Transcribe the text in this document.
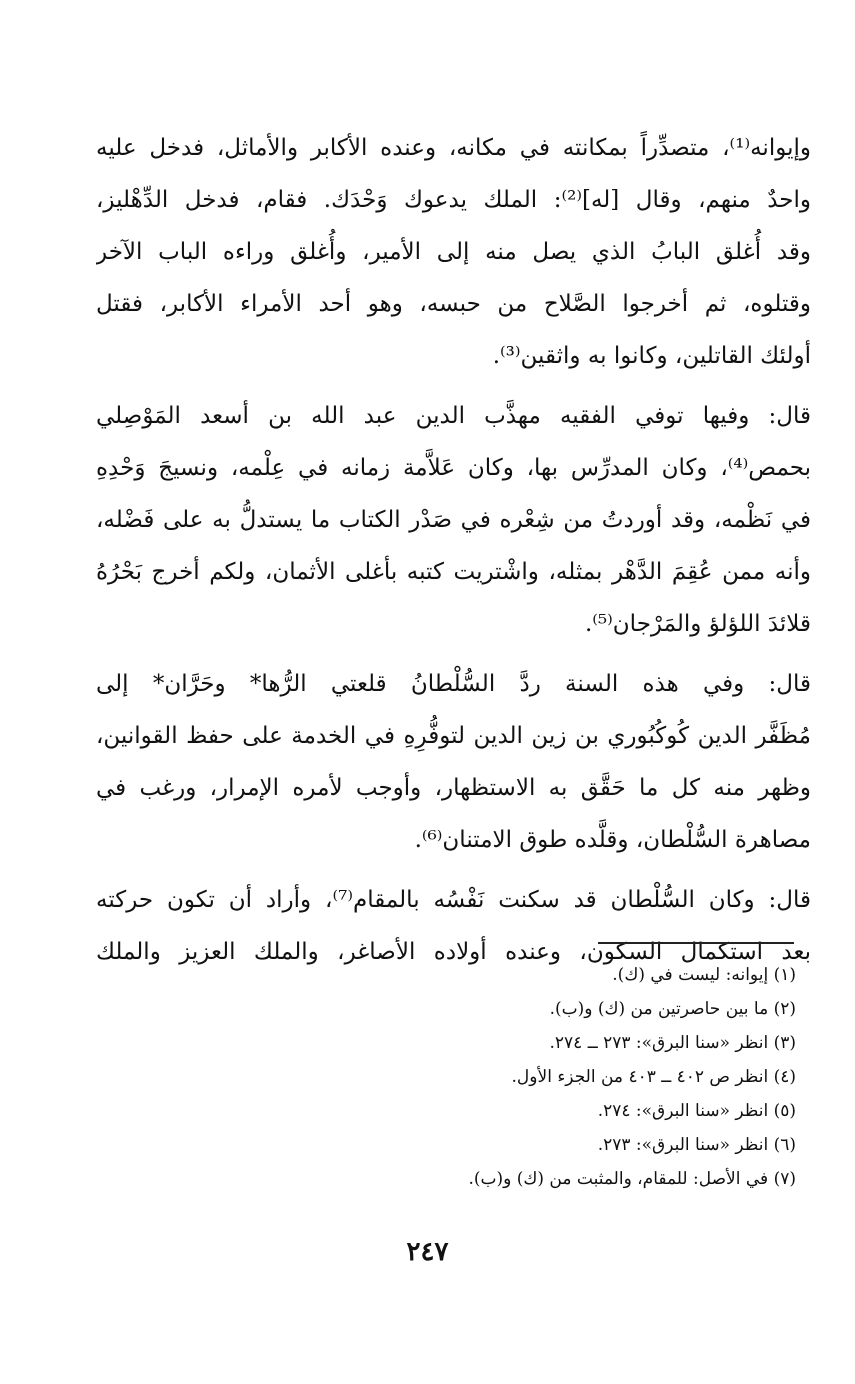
وإيوانه⁽¹⁾، متصدِّراً بمكانته في مكانه، وعنده الأكابر والأماثل، فدخل عليه
واحدٌ منهم، وقال [له]⁽²⁾: الملك يدعوك وَحْدَك. فقام، فدخل الدِّهْليز،
وقد أُغلق البابُ الذي يصل منه إلى الأمير، وأُغلق وراءه الباب الآخر
وقتلوه، ثم أخرجوا الصَّلاح من حبسه، وهو أحد الأمراء الأكابر، فقتل
أولئك القاتلين، وكانوا به واثقين⁽³⁾.
قال: وفيها توفي الفقيه مهذَّب الدين عبد الله بن أسعد المَوْصِلي
بحمص⁽⁴⁾، وكان المدرِّس بها، وكان عَلاَّمة زمانه في عِلْمه، ونسيجَ وَحْدِهِ
في نَظْمه، وقد أوردتُ من شِعْره في صَدْر الكتاب ما يستدلُّ به على فَضْله،
وأنه ممن عُقِمَ الدَّهْر بمثله، واشْتريت كتبه بأغلى الأثمان، ولكم أخرج بَحْرُهُ
قلائدَ اللؤلؤ والمَرْجان⁽⁵⁾.
قال: وفي هذه السنة ردَّ السُّلْطانُ قلعتي الرُّها* وحَرَّان* إلى
مُظَفَّر الدين كُوكُبُوري بن زين الدين لتوفُّرِهِ في الخدمة على حفظ القوانين،
وظهر منه كل ما حَقَّق به الاستظهار، وأوجب لأمره الإمرار، ورغب في
مصاهرة السُّلْطان، وقلَّده طوق الامتنان⁽⁶⁾.
قال: وكان السُّلْطان قد سكنت نَفْسُه بالمقام⁽⁷⁾، وأراد أن تكون حركته
بعد استكمال السكون، وعنده أولاده الأصاغر، والملك العزيز والملك
(١) إيوانه: ليست في (ك).
(٢) ما بين حاصرتين من (ك) و(ب).
(٣) انظر «سنا البرق»: ٢٧٣ ــ ٢٧٤.
(٤) انظر ص ٤٠٢ ــ ٤٠٣ من الجزء الأول.
(٥) انظر «سنا البرق»: ٢٧٤.
(٦) انظر «سنا البرق»: ٢٧٣.
(٧) في الأصل: للمقام، والمثبت من (ك) و(ب).
٢٤٧
